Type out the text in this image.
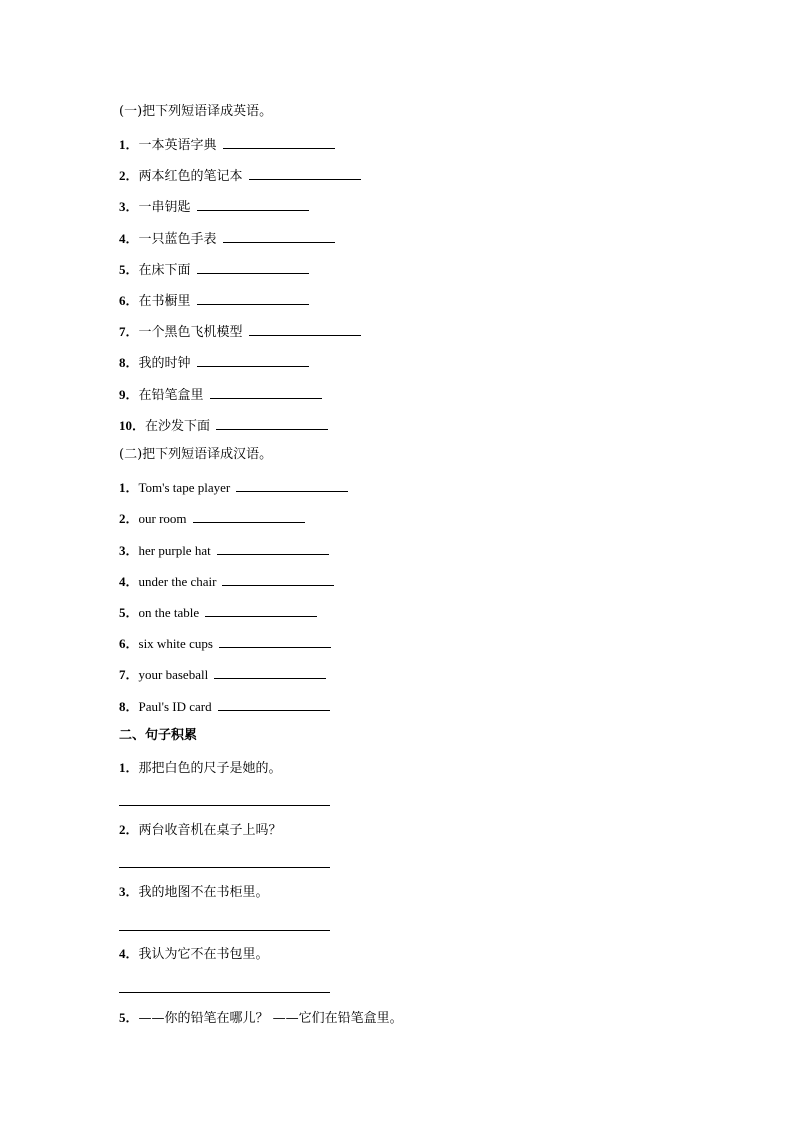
(一)把下列短语译成英语。
1．一本英语字典
2．两本红色的笔记本
3．一串钥匙
4．一只蓝色手表
5．在床下面
6．在书橱里
7．一个黑色飞机模型
8．我的时钟
9．在铅笔盒里
10．在沙发下面
(二)把下列短语译成汉语。
1．Tom's tape player
2．our room
3．her purple hat
4．under the chair
5．on the table
6．six white cups
7．your baseball
8．Paul's ID card
二、句子积累
1．那把白色的尺子是她的。
2．两台收音机在桌子上吗？
3．我的地图不在书柜里。
4．我认为它不在书包里。
5．——你的铅笔在哪儿？ ——它们在铅笔盒里。
